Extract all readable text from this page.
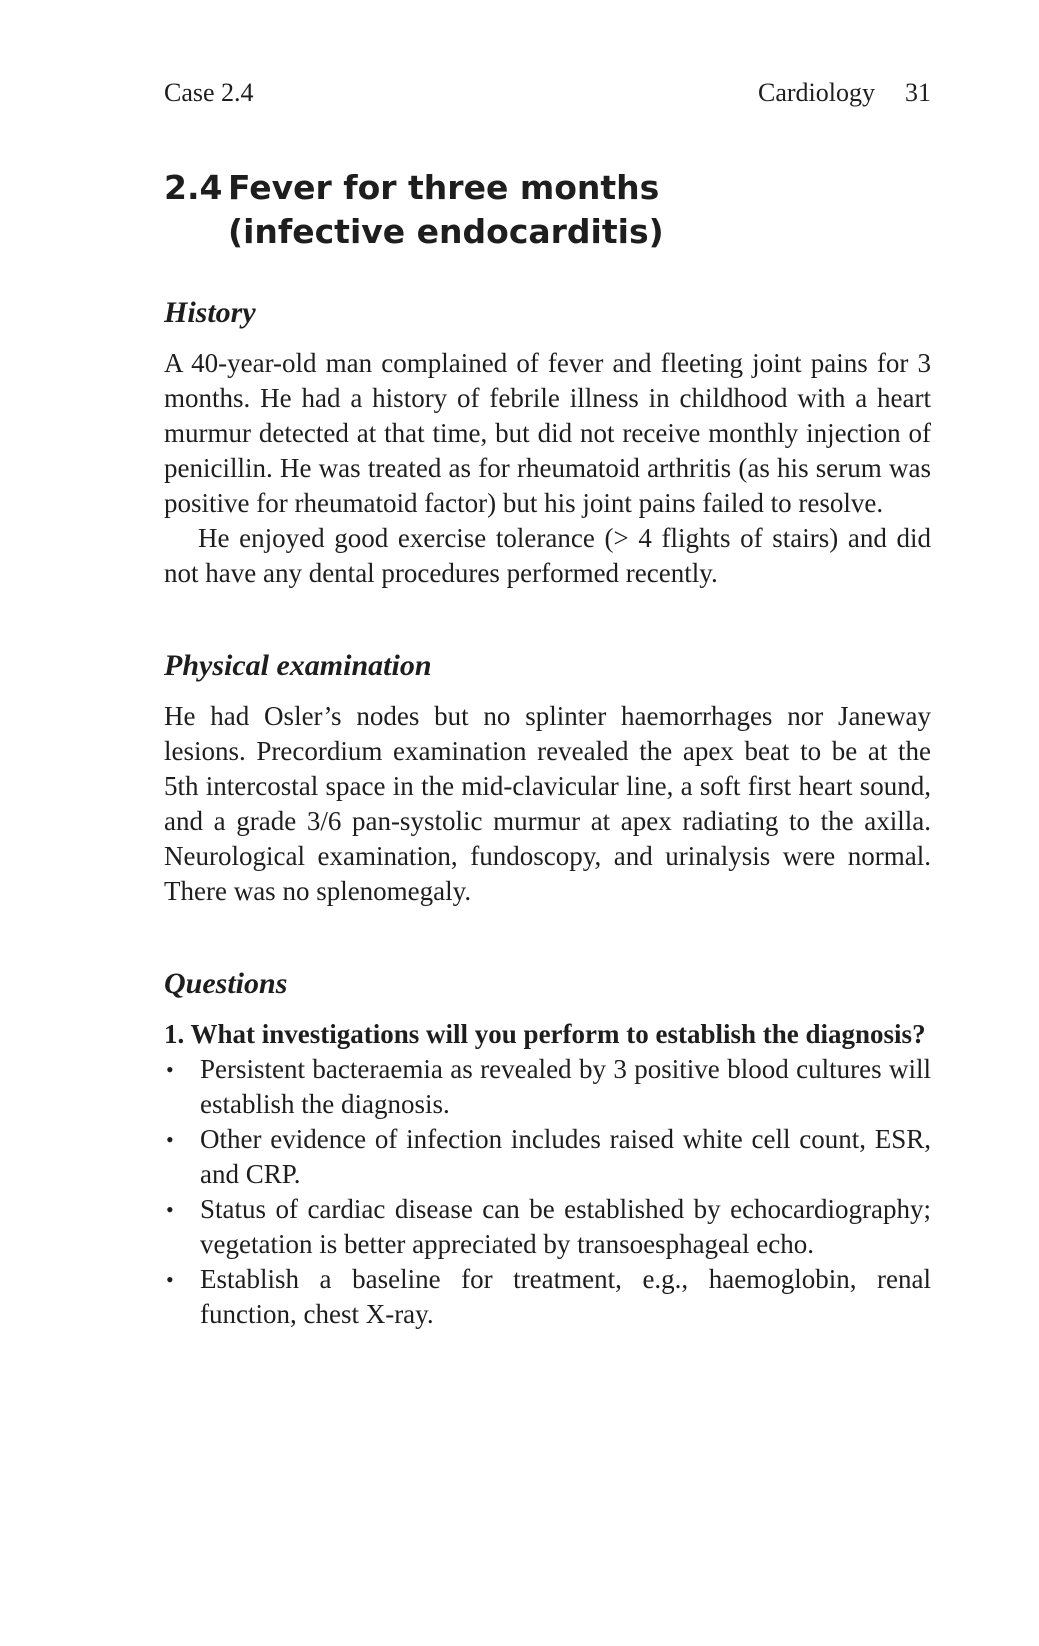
Case 2.4	Cardiology 31
2.4 Fever for three months (infective endocarditis)
History

A 40-year-old man complained of fever and fleeting joint pains for 3 months. He had a history of febrile illness in childhood with a heart murmur detected at that time, but did not receive monthly injection of penicillin. He was treated as for rheumatoid arthritis (as his serum was positive for rheumatoid factor) but his joint pains failed to resolve.

He enjoyed good exercise tolerance (> 4 flights of stairs) and did not have any dental procedures performed recently.

Physical examination

He had Osler’s nodes but no splinter haemorrhages nor Janeway lesions. Precordium examination revealed the apex beat to be at the 5th intercostal space in the mid-clavicular line, a soft first heart sound, and a grade 3/6 pan-systolic murmur at apex radiating to the axilla. Neurological examination, fundoscopy, and urinalysis were normal. There was no splenomegaly.

Questions
1. What investigations will you perform to establish the diagnosis?
• Persistent bacteraemia as revealed by 3 positive blood cultures will establish the diagnosis.
• Other evidence of infection includes raised white cell count, ESR, and CRP.
• Status of cardiac disease can be established by echocardiography; vegetation is better appreciated by transoesphageal echo.
• Establish a baseline for treatment, e.g., haemoglobin, renal function, chest X-ray.
